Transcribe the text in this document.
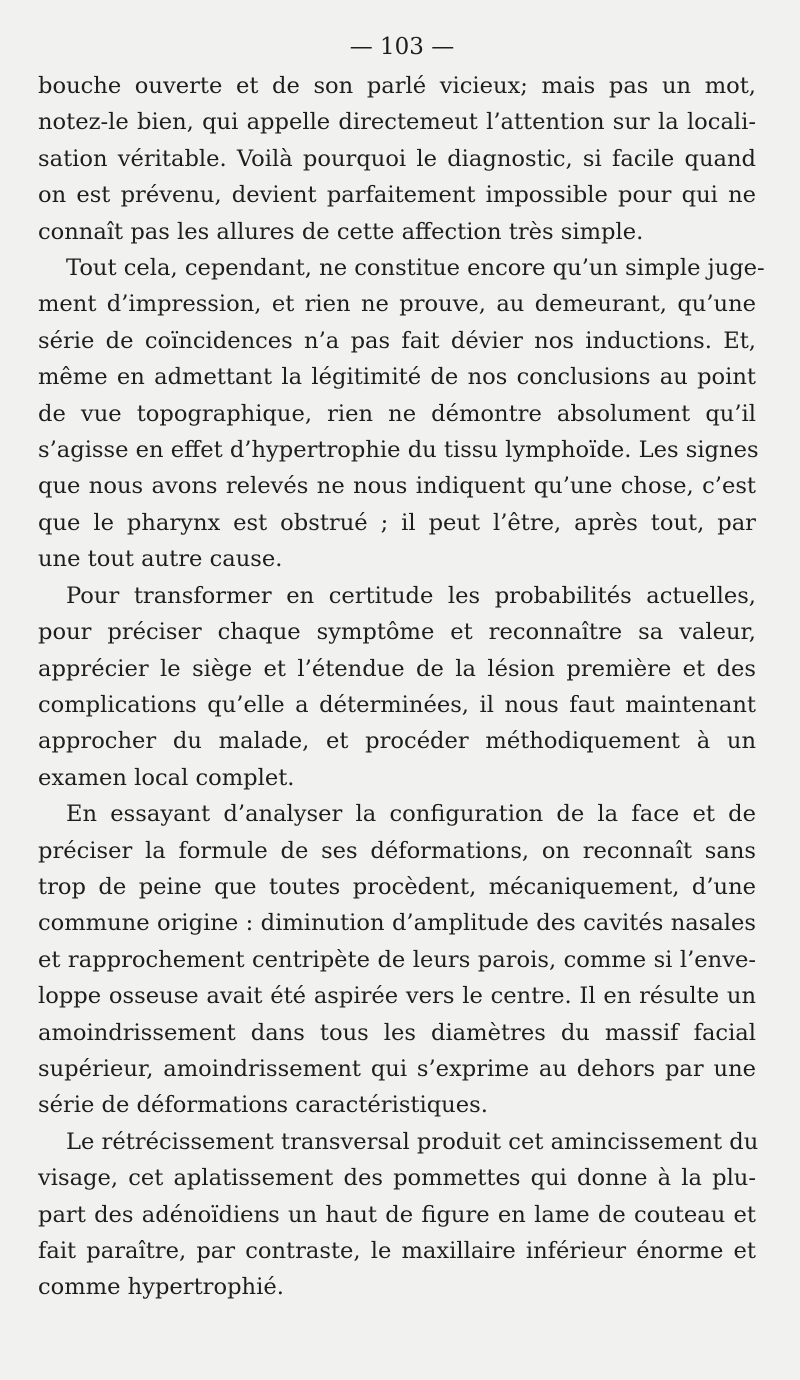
— 103 —

bouche ouverte et de son parlé vicieux; mais pas un mot,
notez-le bien, qui appelle directemeut l’attention sur la locali-
sation véritable. Voilà pourquoi le diagnostic, si facile quand
on est prévenu, devient parfaitement impossible pour qui ne
connaît pas les allures de cette affection très simple.

Tout cela, cependant, ne constitue encore qu’un simple juge-
ment d’impression, et rien ne prouve, au demeurant, qu’une
série de coïncidences n’a pas fait dévier nos inductions. Et,
même en admettant la légitimité de nos conclusions au point
de vue topographique, rien ne démontre absolument qu’il
s’agisse en effet d’hypertrophie du tissu lymphoïde. Les signes
que nous avons relevés ne nous indiquent qu’une chose, c’est
que le pharynx est obstrué ; il peut l’être, après tout, par
une tout autre cause.

Pour transformer en certitude les probabilités actuelles,
pour préciser chaque symptôme et reconnaître sa valeur,
apprécier le siège et l’étendue de la lésion première et des
complications qu’elle a déterminées, il nous faut maintenant
approcher du malade, et procéder méthodiquement à un
examen local complet.

En essayant d’analyser la configuration de la face et de
préciser la formule de ses déformations, on reconnaît sans
trop de peine que toutes procèdent, mécaniquement, d’une
commune origine : diminution d’amplitude des cavités nasales
et rapprochement centripète de leurs parois, comme si l’enve-
loppe osseuse avait été aspirée vers le centre. Il en résulte un
amoindrissement dans tous les diamètres du massif facial
supérieur, amoindrissement qui s’exprime au dehors par une
série de déformations caractéristiques.

Le rétrécissement transversal produit cet amincissement du
visage, cet aplatissement des pommettes qui donne à la plu-
part des adénoïdiens un haut de figure en lame de couteau et
fait paraître, par contraste, le maxillaire inférieur énorme et
comme hypertrophié.
